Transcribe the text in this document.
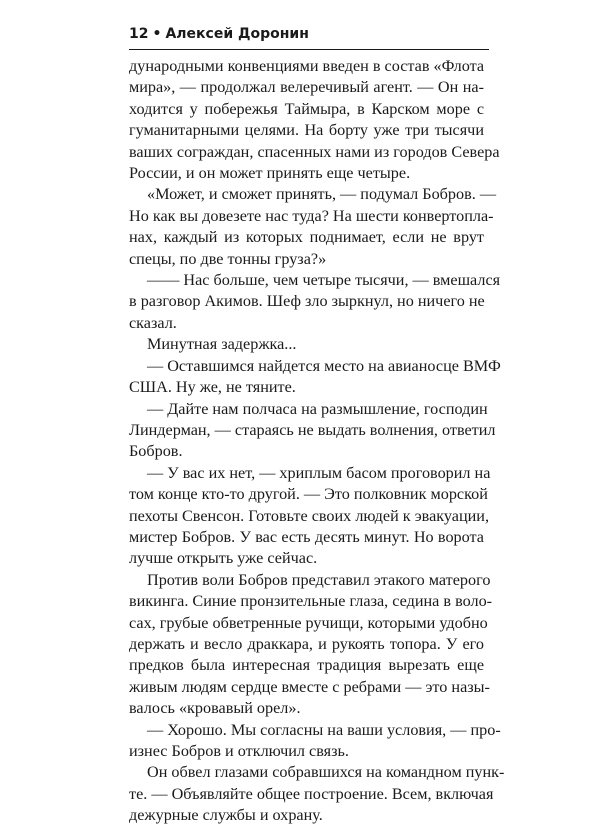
12 • Алексей Доронин
дународными конвенциями введен в состав «Флота
мира», — продолжал велеречивый агент. — Он на-
ходится у побережья Таймыра, в Карском море с
гуманитарными целями. На борту уже три тысячи
ваших сограждан, спасенных нами из городов Севера
России, и он может принять еще четыре.
«Может, и сможет принять, — подумал Бобров. —
Но как вы довезете нас туда? На шести конвертопла-
нах, каждый из которых поднимает, если не врут
спецы, по две тонны груза?»
—— Нас больше, чем четыре тысячи, — вмешался
в разговор Акимов. Шеф зло зыркнул, но ничего не
сказал.
Минутная задержка...
— Оставшимся найдется место на авианосце ВМФ
США. Ну же, не тяните.
— Дайте нам полчаса на размышление, господин
Линдерман, — стараясь не выдать волнения, ответил
Бобров.
— У вас их нет, — хриплым басом проговорил на
том конце кто-то другой. — Это полковник морской
пехоты Свенсон. Готовьте своих людей к эвакуации,
мистер Бобров. У вас есть десять минут. Но ворота
лучше открыть уже сейчас.
Против воли Бобров представил этакого матерого
викинга. Синие пронзительные глаза, седина в воло-
сах, грубые обветренные ручищи, которыми удобно
держать и весло драккара, и рукоять топора. У его
предков была интересная традиция вырезать еще
живым людям сердце вместе с ребрами — это назы-
валось «кровавый орел».
— Хорошо. Мы согласны на ваши условия, — про-
изнес Бобров и отключил связь.
Он обвел глазами собравшихся на командном пунк-
те. — Объявляйте общее построение. Всем, включая
дежурные службы и охрану.
